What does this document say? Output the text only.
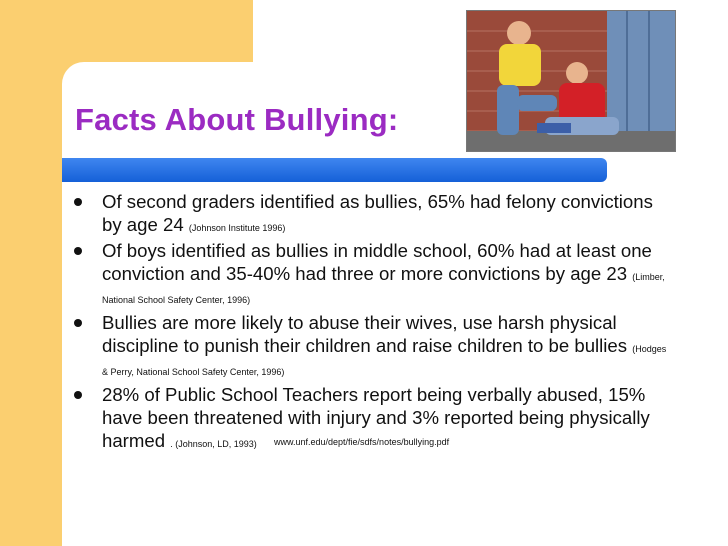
Facts About Bullying:
Of second graders identified as bullies, 65% had felony convictions by age 24 (Johnson Institute 1996)
Of boys identified as bullies in middle school, 60% had at least one conviction and 35-40% had three or more convictions by age 23 (Limber, National School Safety Center, 1996)
Bullies are more likely to abuse their wives, use harsh physical discipline to punish their children and raise children to be bullies (Hodges & Perry, National School Safety Center, 1996)
28% of Public School Teachers report being verbally abused, 15% have been threatened with injury and 3% reported being physically harmed . (Johnson, LD, 1993)	www.unf.edu/dept/fie/sdfs/notes/bullying.pdf
